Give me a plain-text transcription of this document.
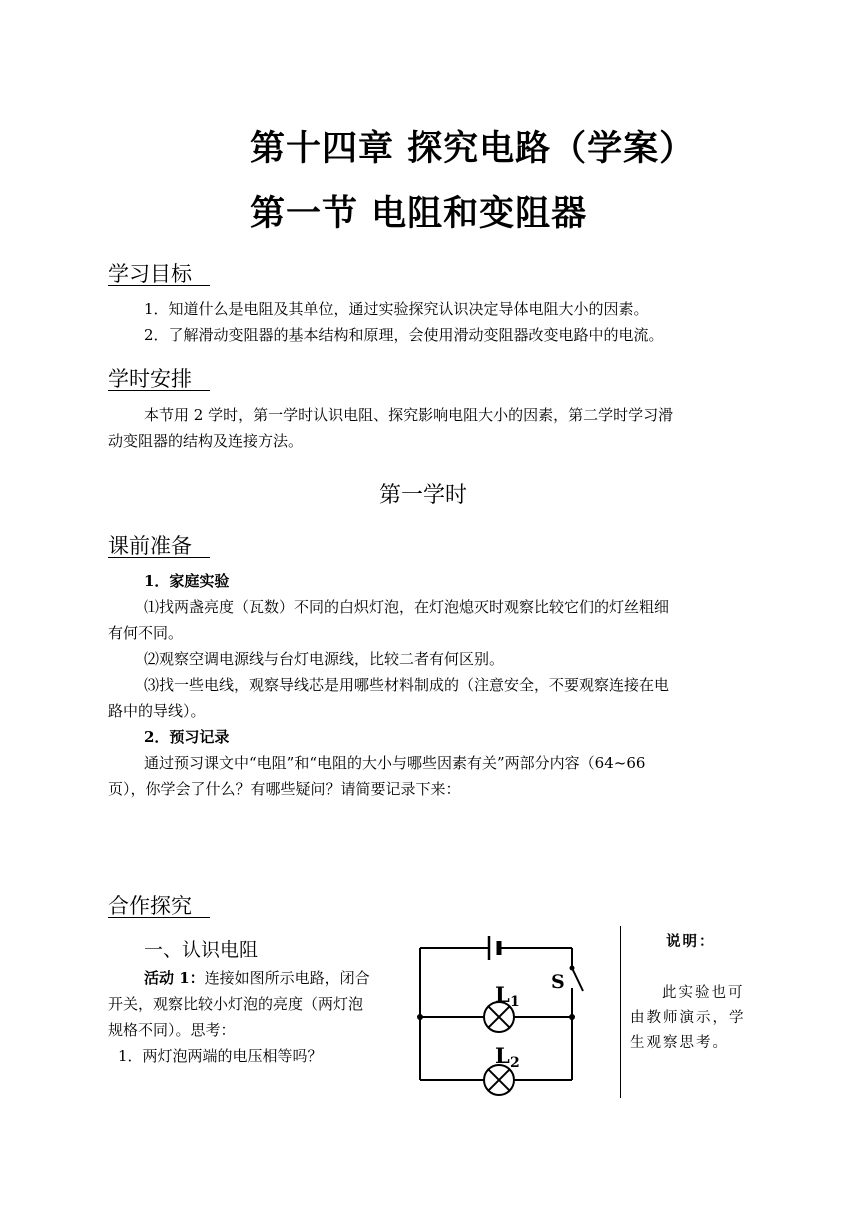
第十四章 探究电路（学案）
第一节 电阻和变阻器
学习目标
1．知道什么是电阻及其单位，通过实验探究认识决定导体电阻大小的因素。
2．了解滑动变阻器的基本结构和原理，会使用滑动变阻器改变电路中的电流。
学时安排
本节用 2 学时，第一学时认识电阻、探究影响电阻大小的因素，第二学时学习滑
动变阻器的结构及连接方法。
第一学时
课前准备
1．家庭实验
⑴找两盏亮度（瓦数）不同的白炽灯泡，在灯泡熄灭时观察比较它们的灯丝粗细
有何不同。
⑵观察空调电源线与台灯电源线，比较二者有何区别。
⑶找一些电线，观察导线芯是用哪些材料制成的（注意安全，不要观察连接在电
路中的导线）。
2．预习记录
通过预习课文中“电阻”和“电阻的大小与哪些因素有关”两部分内容（64~66
页），你学会了什么？有哪些疑问？请简要记录下来：
合作探究
一、认识电阻
活动 1：连接如图所示电路，闭合
开关，观察比较小灯泡的亮度（两灯泡
规格不同）。思考：
1．两灯泡两端的电压相等吗？
S
L 1
L 2
说明：
此实验也可
由教师演示，学
生观察思考。
